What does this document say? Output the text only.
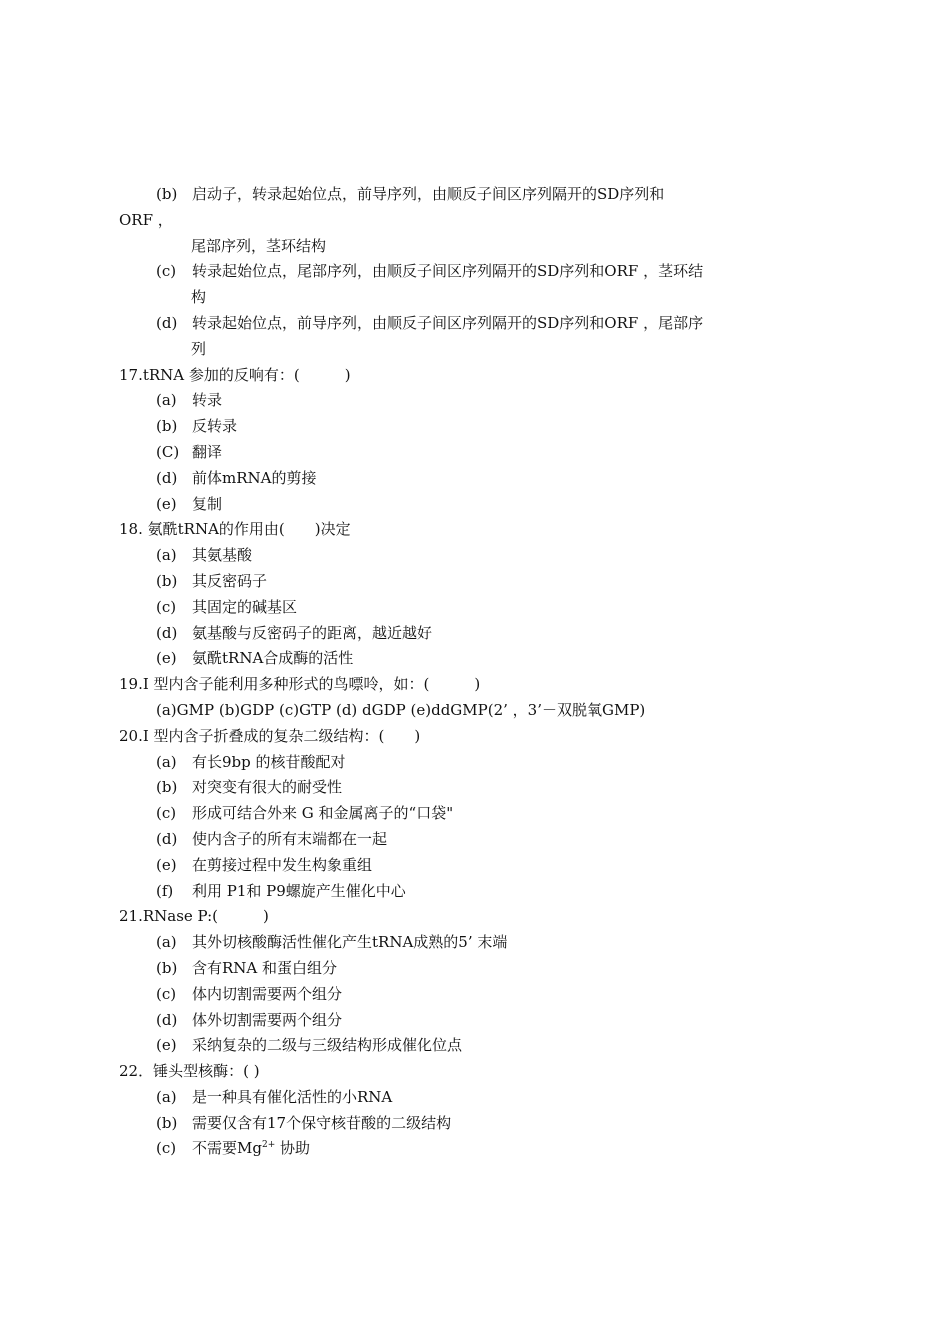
(b) 启动子，转录起始位点，前导序列，由顺反子间区序列隔开的SD序列和
ORF ，
尾部序列，茎环结构
(c) 转录起始位点，尾部序列，由顺反子间区序列隔开的SD序列和ORF ，茎环结
构
(d) 转录起始位点，前导序列，由顺反子间区序列隔开的SD序列和ORF ，尾部序
列
17.tRNA 参加的反响有：(　　　)
(a) 转录
(b) 反转录
(C) 翻译
(d) 前体mRNA的剪接
(e) 复制
18. 氨酰tRNA的作用由(　　)决定
(a) 其氨基酸
(b) 其反密码子
(c) 其固定的碱基区
(d) 氨基酸与反密码子的距离，越近越好
(e) 氨酰tRNA合成酶的活性
19.Ⅰ 型内含子能利用多种形式的鸟嘌呤，如：(　　　)
(a)GMP (b)GDP (c)GTP (d) dGDP (e)ddGMP(2’ ，3’－双脱氧GMP)
20.Ⅰ 型内含子折叠成的复杂二级结构：(　　)
(a) 有长9bp 的核苷酸配对
(b) 对突变有很大的耐受性
(c) 形成可结合外来 G 和金属离子的“口袋"
(d) 使内含子的所有末端都在一起
(e) 在剪接过程中发生构象重组
(f) 利用 P1和 P9螺旋产生催化中心
21.RNase P:(　　　)
(a) 其外切核酸酶活性催化产生tRNA成熟的5’ 末端
(b) 含有RNA 和蛋白组分
(c) 体内切割需要两个组分
(d) 体外切割需要两个组分
(e) 采纳复杂的二级与三级结构形成催化位点
22．锤头型核酶：( )
(a) 是一种具有催化活性的小RNA
(b) 需要仅含有17个保守核苷酸的二级结构
(c) 不需要$Mg^{2+}$ 协助
